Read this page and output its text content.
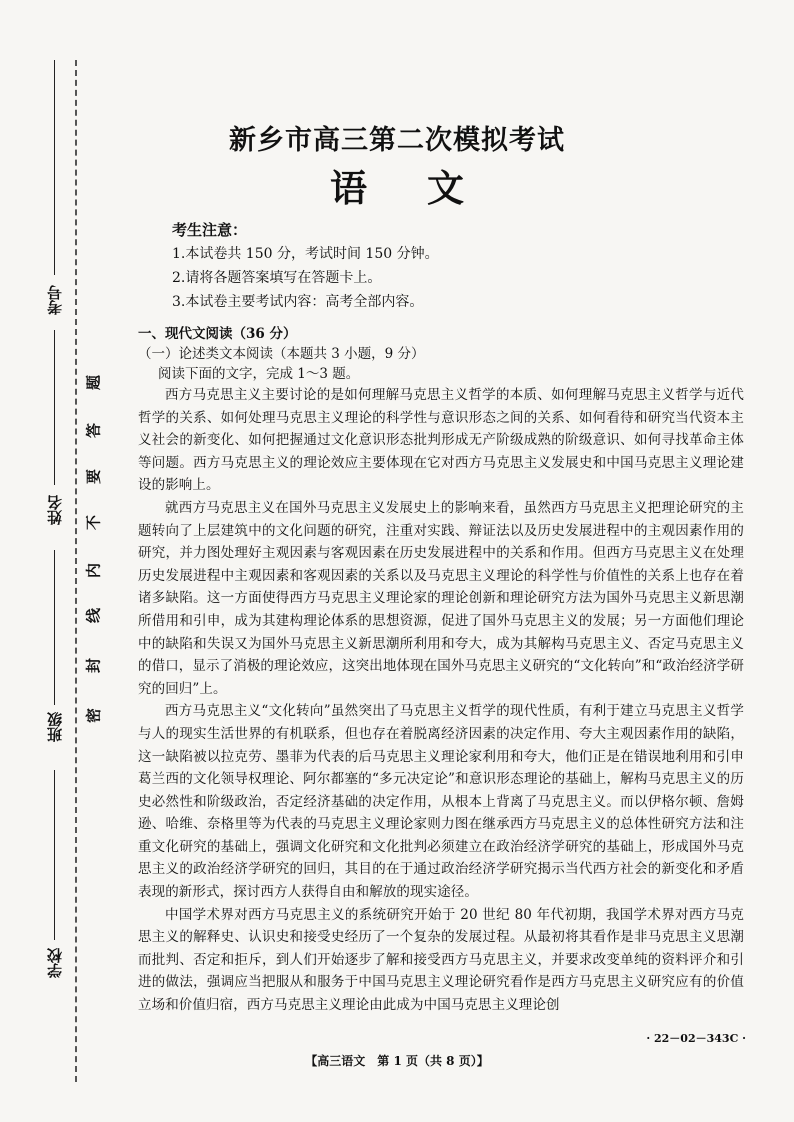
考号
姓名
班级
学校
密
封
线
内
不
要
答
题
新乡市高三第二次模拟考试
语文
考生注意：
1.本试卷共 150 分，考试时间 150 分钟。
2.请将各题答案填写在答题卡上。
3.本试卷主要考试内容：高考全部内容。
一、现代文阅读（36 分）
（一）论述类文本阅读（本题共 3 小题，9 分）
阅读下面的文字，完成 1～3 题。

西方马克思主义主要讨论的是如何理解马克思主义哲学的本质、如何理解马克思主义哲学与近代哲学的关系、如何处理马克思主义理论的科学性与意识形态之间的关系、如何看待和研究当代资本主义社会的新变化、如何把握通过文化意识形态批判形成无产阶级成熟的阶级意识、如何寻找革命主体等问题。西方马克思主义的理论效应主要体现在它对西方马克思主义发展史和中国马克思主义理论建设的影响上。

就西方马克思主义在国外马克思主义发展史上的影响来看，虽然西方马克思主义把理论研究的主题转向了上层建筑中的文化问题的研究，注重对实践、辩证法以及历史发展进程中的主观因素作用的研究，并力图处理好主观因素与客观因素在历史发展进程中的关系和作用。但西方马克思主义在处理历史发展进程中主观因素和客观因素的关系以及马克思主义理论的科学性与价值性的关系上也存在着诸多缺陷。这一方面使得西方马克思主义理论家的理论创新和理论研究方法为国外马克思主义新思潮所借用和引申，成为其建构理论体系的思想资源，促进了国外马克思主义的发展；另一方面他们理论中的缺陷和失误又为国外马克思主义新思潮所利用和夸大，成为其解构马克思主义、否定马克思主义的借口，显示了消极的理论效应，这突出地体现在国外马克思主义研究的“文化转向”和“政治经济学研究的回归”上。

西方马克思主义“文化转向”虽然突出了马克思主义哲学的现代性质，有利于建立马克思主义哲学与人的现实生活世界的有机联系，但也存在着脱离经济因素的决定作用、夸大主观因素作用的缺陷，这一缺陷被以拉克劳、墨菲为代表的后马克思主义理论家利用和夸大，他们正是在错误地利用和引申葛兰西的文化领导权理论、阿尔都塞的“多元决定论”和意识形态理论的基础上，解构马克思主义的历史必然性和阶级政治，否定经济基础的决定作用，从根本上背离了马克思主义。而以伊格尔顿、詹姆逊、哈维、奈格里等为代表的马克思主义理论家则力图在继承西方马克思主义的总体性研究方法和注重文化研究的基础上，强调文化研究和文化批判必须建立在政治经济学研究的基础上，形成国外马克思主义的政治经济学研究的回归，其目的在于通过政治经济学研究揭示当代西方社会的新变化和矛盾表现的新形式，探讨西方人获得自由和解放的现实途径。

中国学术界对西方马克思主义的系统研究开始于 20 世纪 80 年代初期，我国学术界对西方马克思主义的解释史、认识史和接受史经历了一个复杂的发展过程。从最初将其看作是非马克思主义思潮而批判、否定和拒斥，到人们开始逐步了解和接受西方马克思主义，并要求改变单纯的资料评介和引进的做法，强调应当把服从和服务于中国马克思主义理论研究看作是西方马克思主义研究应有的价值立场和价值归宿，西方马克思主义理论由此成为中国马克思主义理论创

· 22－02－343C ·
【高三语文　第 1 页（共 8 页）】
